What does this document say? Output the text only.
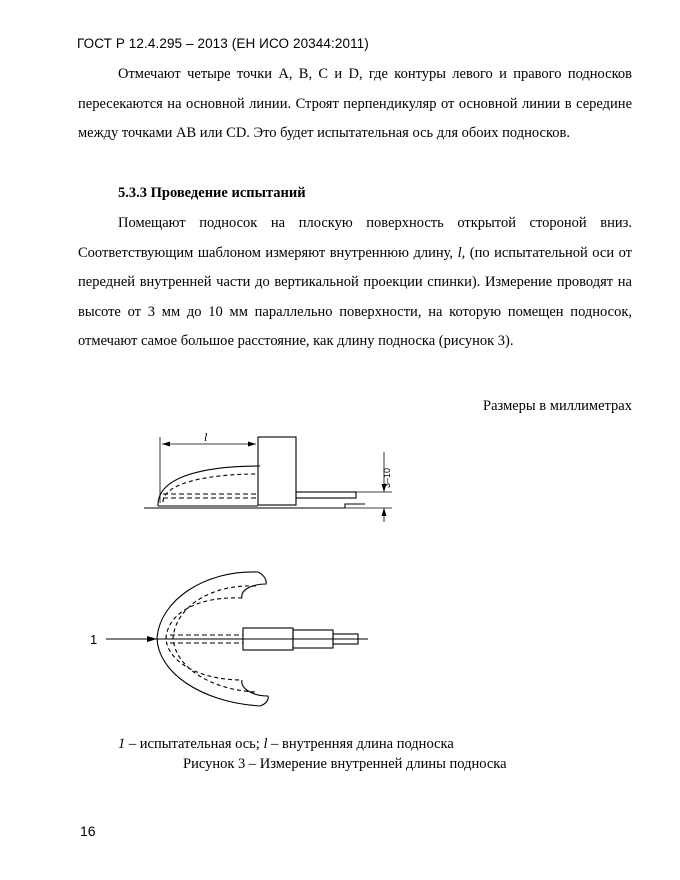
ГОСТ Р 12.4.295 – 2013 (ЕН ИСО 20344:2011)

Отмечают четыре точки А, В, С и D, где контуры левого и правого подносков пересекаются на основной линии. Строят перпендикуляр от основной линии в середине между точками АВ или CD. Это будет испытательная ось для обоих подносков.

5.3.3 Проведение испытаний

Помещают подносок на плоскую поверхность открытой стороной вниз. Соответствующим шаблоном измеряют внутреннюю длину, l, (по испытательной оси от передней внутренней части до вертикальной проекции спинки). Измерение проводят на высоте от 3 мм до 10 мм параллельно поверхности, на которую помещен подносок, отмечают самое большое расстояние, как длину подноска (рисунок 3).

Размеры в миллиметрах
l
3–10
1
1 – испытательная ось; l – внутренняя длина подноска
Рисунок 3 – Измерение внутренней длины подноска
16
